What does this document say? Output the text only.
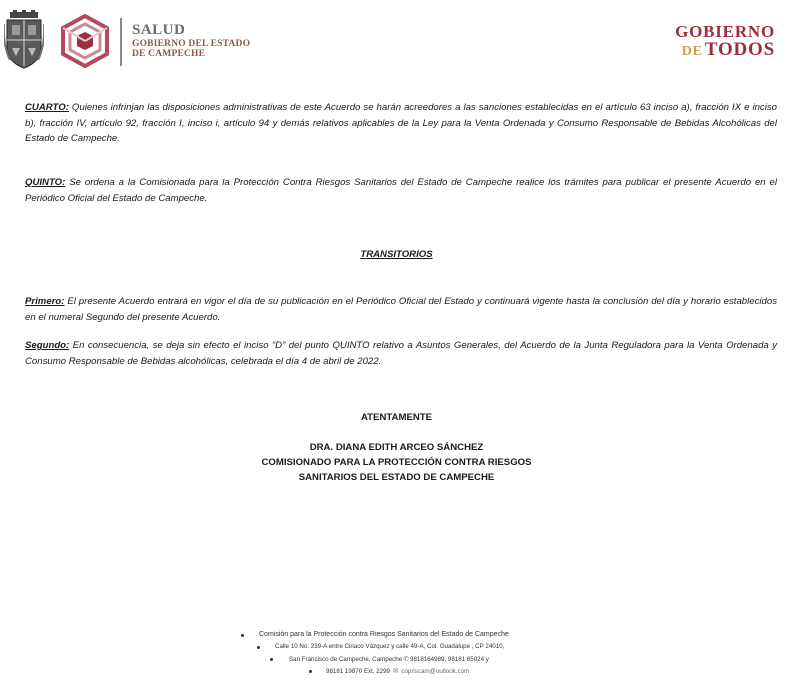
SALUD
GOBIERNO DEL ESTADO
DE CAMPECHE
GOBIERNO
DE TODOS
CUARTO: Quienes infrinjan las disposiciones administrativas de este Acuerdo se harán acreedores a las sanciones establecidas en el artículo 63 inciso a), fracción IX e inciso b), fracción IV, artículo 92, fracción I, inciso i, artículo 94 y demás relativos aplicables de la Ley para la Venta Ordenada y Consumo Responsable de Bebidas Alcohólicas del Estado de Campeche.
QUINTO: Se ordena a la Comisionada para la Protección Contra Riesgos Sanitarios del Estado de Campeche realice los trámites para publicar el presente Acuerdo en el Periódico Oficial del Estado de Campeche.
TRANSITORIOS
Primero: El presente Acuerdo entrará en vigor el día de su publicación en el Periódico Oficial del Estado y continuará vigente hasta la conclusión del día y horario establecidos en el numeral Segundo del presente Acuerdo.
Segundo: En consecuencia, se deja sin efecto el inciso “D” del punto QUINTO relativo a Asuntos Generales, del Acuerdo de la Junta Reguladora para la Venta Ordenada y Consumo Responsable de Bebidas alcohólicas, celebrada el día 4 de abril de 2022.
ATENTAMENTE
DRA. DIANA EDITH ARCEO SÁNCHEZ
COMISIONADO PARA LA PROTECCIÓN CONTRA RIESGOS
SANITARIOS DEL ESTADO DE CAMPECHE
Comisión para la Protección contra Riesgos Sanitarios del Estado de Campeche
Calle 10 No. 239-A entre Ciriaco Vázquez y calle 49-A, Col. Guadalupe , CP 24010,
San Francisco de Campeche, Campeche✆9818164989, 98181 65024 y
98181 19870 Ext. 2299 ✉ copriscam@outlook.com
